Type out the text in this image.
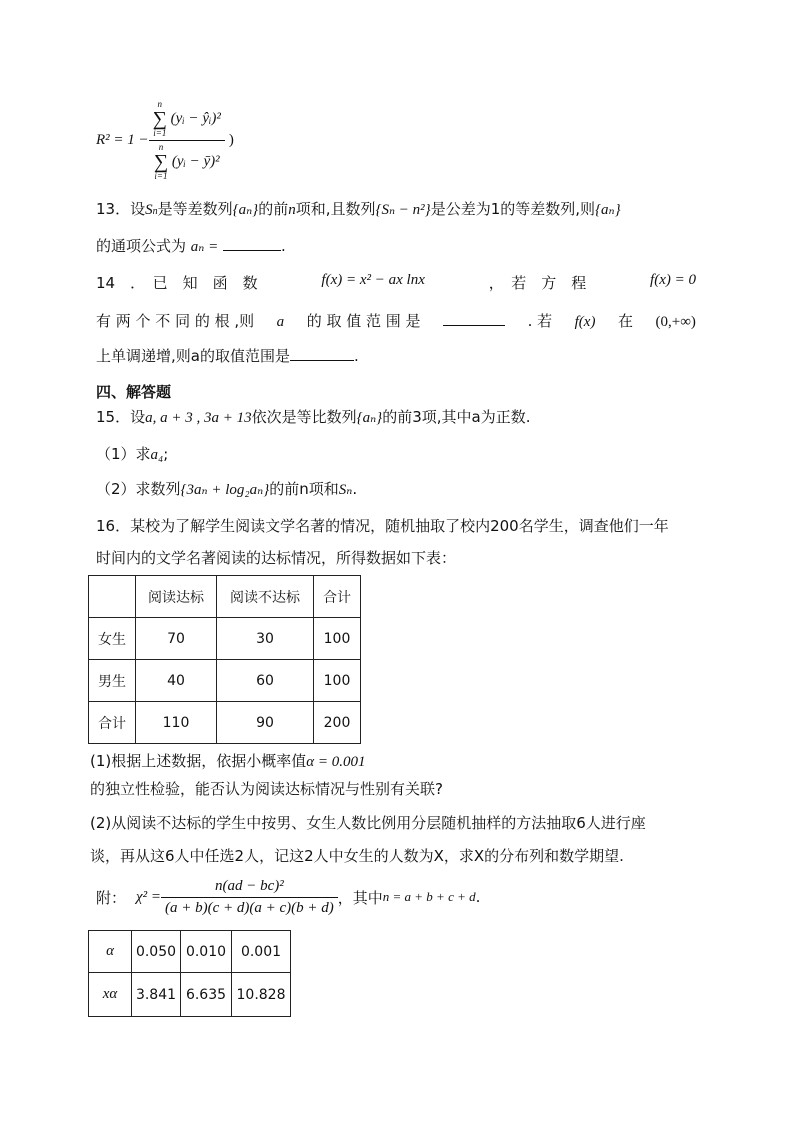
R² = 1 − n
∑
i=1
(yᵢ − ŷᵢ)²
n
∑
i=1
(yᵢ − ȳ)² )
13．设Sn是等差数列{aₙ}的前n项和,且数列{Sₙ − n²}是公差为1的等差数列,则{aₙ}
的通项公式为 aₙ =	.
14　．　已　知　函　数	f(x) = x² − ax lnx	，　若　方　程	f(x) = 0
有 两 个 不 同 的 根 ,则 a 的 取 值 范 围 是	. 若 f(x) 在 (0,+∞)
上单调递增,则a的取值范围是	.
四、解答题
15．设a, a + 3 , 3a + 13依次是等比数列{aₙ}的前3项,其中a为正数.
（1）求a₄;
（2）求数列{3aₙ + log₂aₙ}的前n项和Sₙ.
16．某校为了解学生阅读文学名著的情况，随机抽取了校内200名学生，调查他们一年
时间内的文学名著阅读的达标情况，所得数据如下表：
	阅读达标	阅读不达标	合计
女生	70	30	100
男生	40	60	100
合计	110	90	200
(1)根据上述数据，依据小概率值α = 0.001
的独立性检验，能否认为阅读达标情况与性别有关联?
(2)从阅读不达标的学生中按男、女生人数比例用分层随机抽样的方法抽取6人进行座
谈，再从这6人中任选2人，记这2人中女生的人数为X，求X的分布列和数学期望.
附： $\chi^2 = \frac{\text{n(ad − bc)²}}{(a + b)(c + d)(a + c)(b + d)}$ ，其中 n = a + b + c + d .
α	0.050	0.010	0.001
xα	3.841	6.635	10.828
